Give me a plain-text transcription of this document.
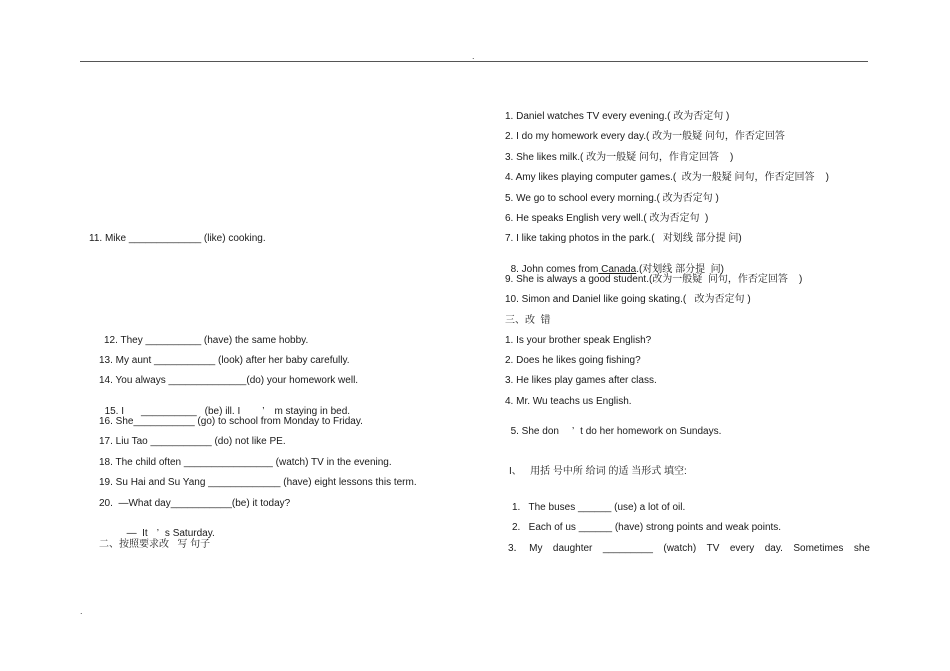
.
11. Mike _____________ (like) cooking.
12. They __________ (have) the same hobby.
13. My aunt ___________ (look) after her baby carefully.
14. You always ______________(do) your homework well.

15. I __________ (be) ill. I ’ m staying in bed.

16. She___________ (go) to school from Monday to Friday.
17. Liu Tao ___________ (do) not like PE.
18. The child often ________________ (watch) TV in the evening.
19. Su Hai and Su Yang _____________ (have) eight lessons this term.
20.  —What day___________(be) it today?

—  It ’ s Saturday.

二、按照要求改   写 句子
1. Daniel watches TV every evening.( 改为否定句 )
2. I do my homework every day.( 改为一般疑 问句，作否定回答
3. She likes milk.( 改为一般疑 问句，作肯定回答    )
4. Amy likes playing computer games.(  改为一般疑 问句，作否定回答    )
5. We go to school every morning.( 改为否定句 )
6. He speaks English very well.( 改为否定句  )
7. I like taking photos in the park.(   对划线 部分提 问)

8. John comes from Canada.(对划线 部分提  问)

9. She is always a good student.(改为一般疑  问句，作否定回答    )
10. Simon and Daniel like going skating.(   改为否定句 )
三、改  错
1. Is your brother speak English?
2. Does he likes going fishing?
3. He likes play games after class.
4. Mr. Wu teachs us English.

5. She don ’ t do her homework on Sundays.

I、   用括 号中所 给词 的适 当形式 填空:
1.   The buses ______ (use) a lot of oil.
2.   Each of us ______ (have) strong points and weak points.
3．  My daughter _________ (watch) TV every day. Sometimes she
.
